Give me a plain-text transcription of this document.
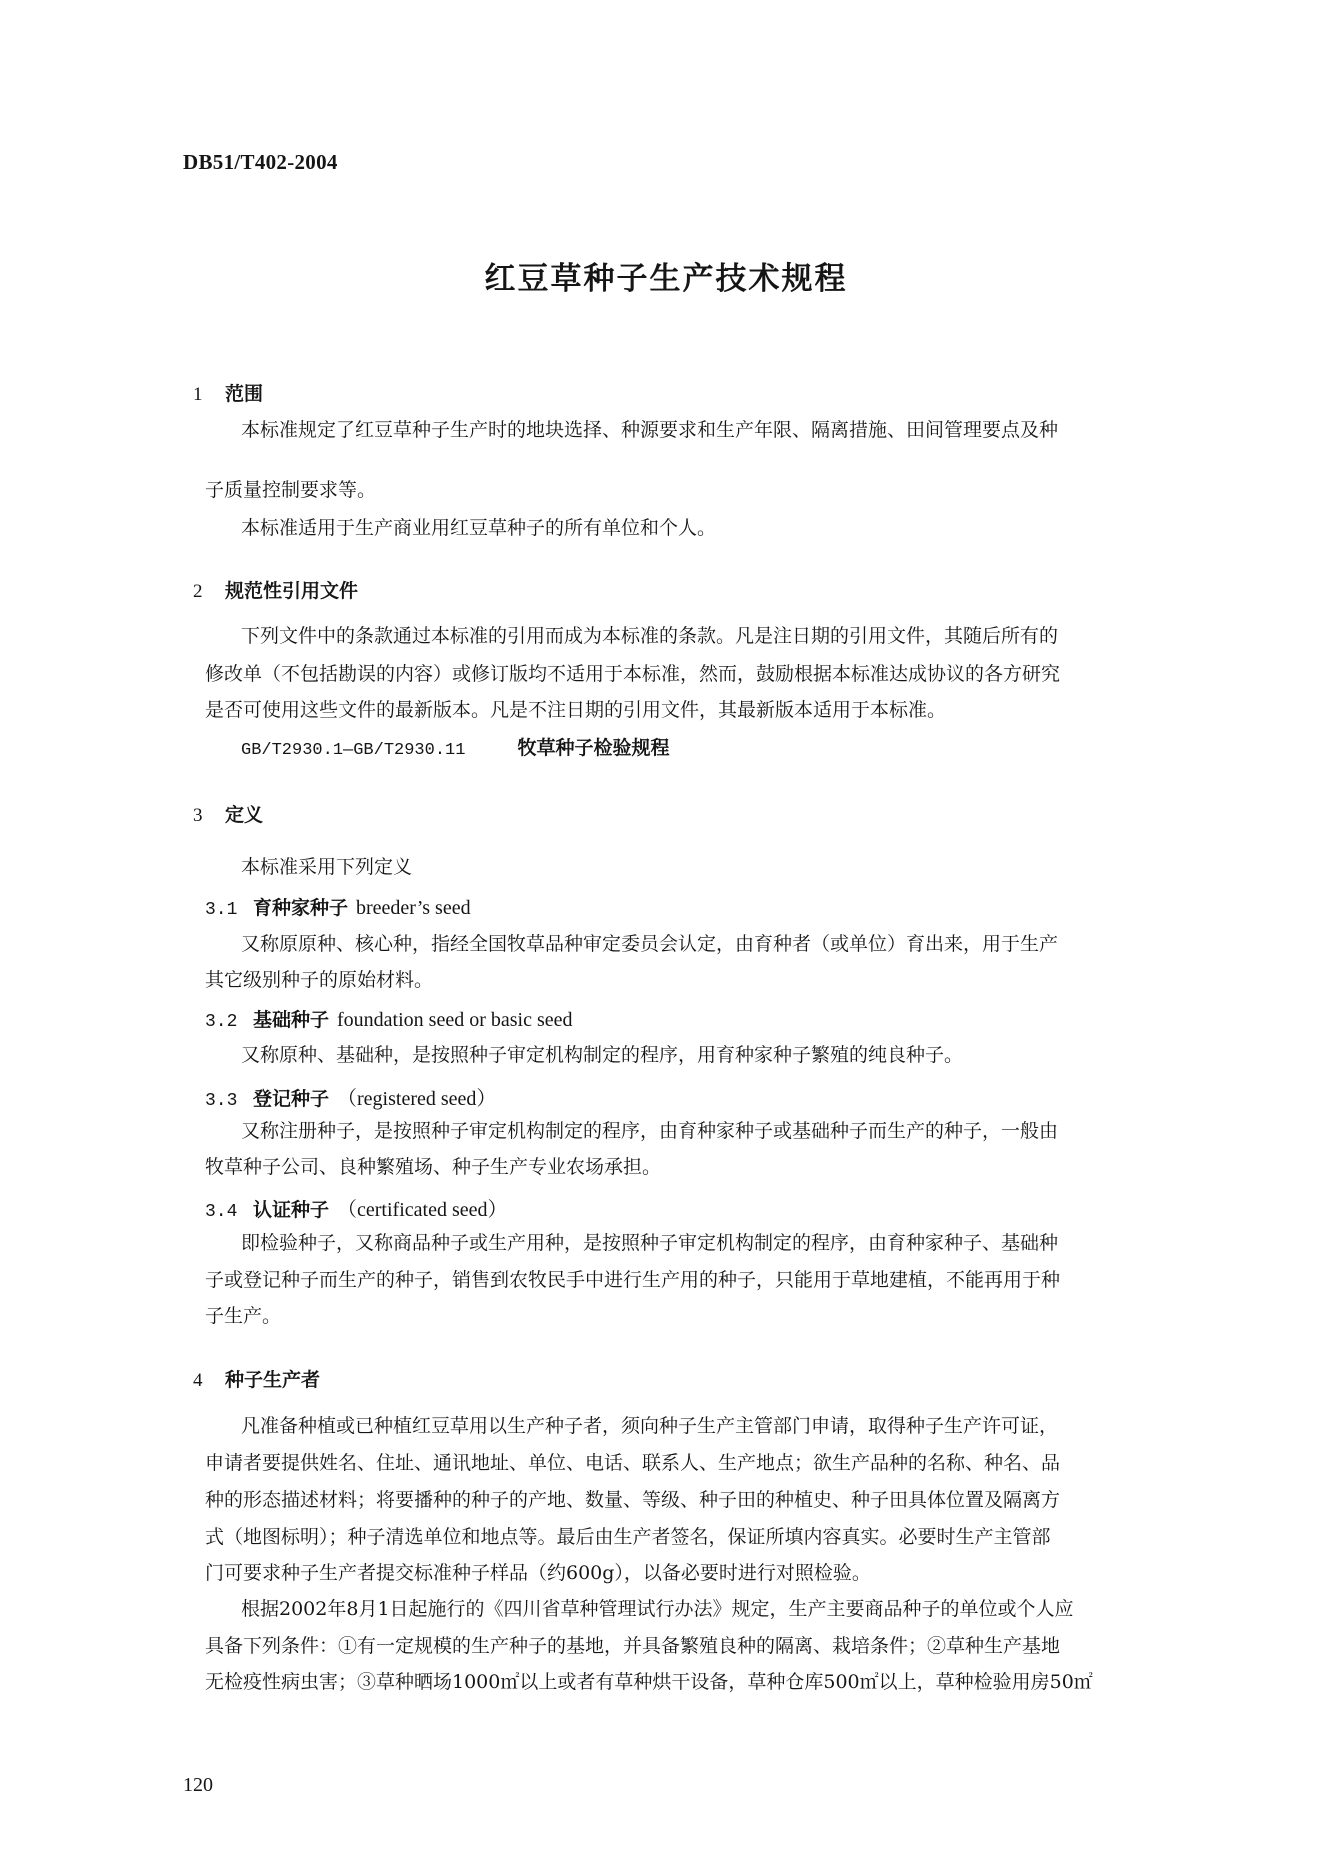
DB51/T402-2004
红豆草种子生产技术规程
1 范围
本标准规定了红豆草种子生产时的地块选择、种源要求和生产年限、隔离措施、田间管理要点及种
子质量控制要求等。
本标准适用于生产商业用红豆草种子的所有单位和个人。
2 规范性引用文件
下列文件中的条款通过本标准的引用而成为本标准的条款。凡是注日期的引用文件，其随后所有的
修改单（不包括勘误的内容）或修订版均不适用于本标准，然而，鼓励根据本标准达成协议的各方研究
是否可使用这些文件的最新版本。凡是不注日期的引用文件，其最新版本适用于本标准。
GB/T2930.1—GB/T2930.11	牧草种子检验规程
3 定义
本标准采用下列定义
3.1 育种家种子 breeder’s seed
又称原原种、核心种，指经全国牧草品种审定委员会认定，由育种者（或单位）育出来，用于生产
其它级别种子的原始材料。
3.2 基础种子 foundation seed or basic seed
又称原种、基础种，是按照种子审定机构制定的程序，用育种家种子繁殖的纯良种子。
3.3 登记种子 （registered seed）
又称注册种子，是按照种子审定机构制定的程序，由育种家种子或基础种子而生产的种子，一般由
牧草种子公司、良种繁殖场、种子生产专业农场承担。
3.4 认证种子 （certificated seed）
即检验种子，又称商品种子或生产用种，是按照种子审定机构制定的程序，由育种家种子、基础种
子或登记种子而生产的种子，销售到农牧民手中进行生产用的种子，只能用于草地建植，不能再用于种
子生产。
4 种子生产者
凡准备种植或已种植红豆草用以生产种子者，须向种子生产主管部门申请，取得种子生产许可证，
申请者要提供姓名、住址、通讯地址、单位、电话、联系人、生产地点；欲生产品种的名称、种名、品
种的形态描述材料；将要播种的种子的产地、数量、等级、种子田的种植史、种子田具体位置及隔离方
式（地图标明）；种子清选单位和地点等。最后由生产者签名，保证所填内容真实。必要时生产主管部
门可要求种子生产者提交标准种子样品（约600g），以备必要时进行对照检验。
根据2002年8月1日起施行的《四川省草种管理试行办法》规定，生产主要商品种子的单位或个人应
具备下列条件：①有一定规模的生产种子的基地，并具备繁殖良种的隔离、栽培条件；②草种生产基地
无检疫性病虫害；③草种晒场1000㎡以上或者有草种烘干设备，草种仓库500㎡以上，草种检验用房50㎡
120
